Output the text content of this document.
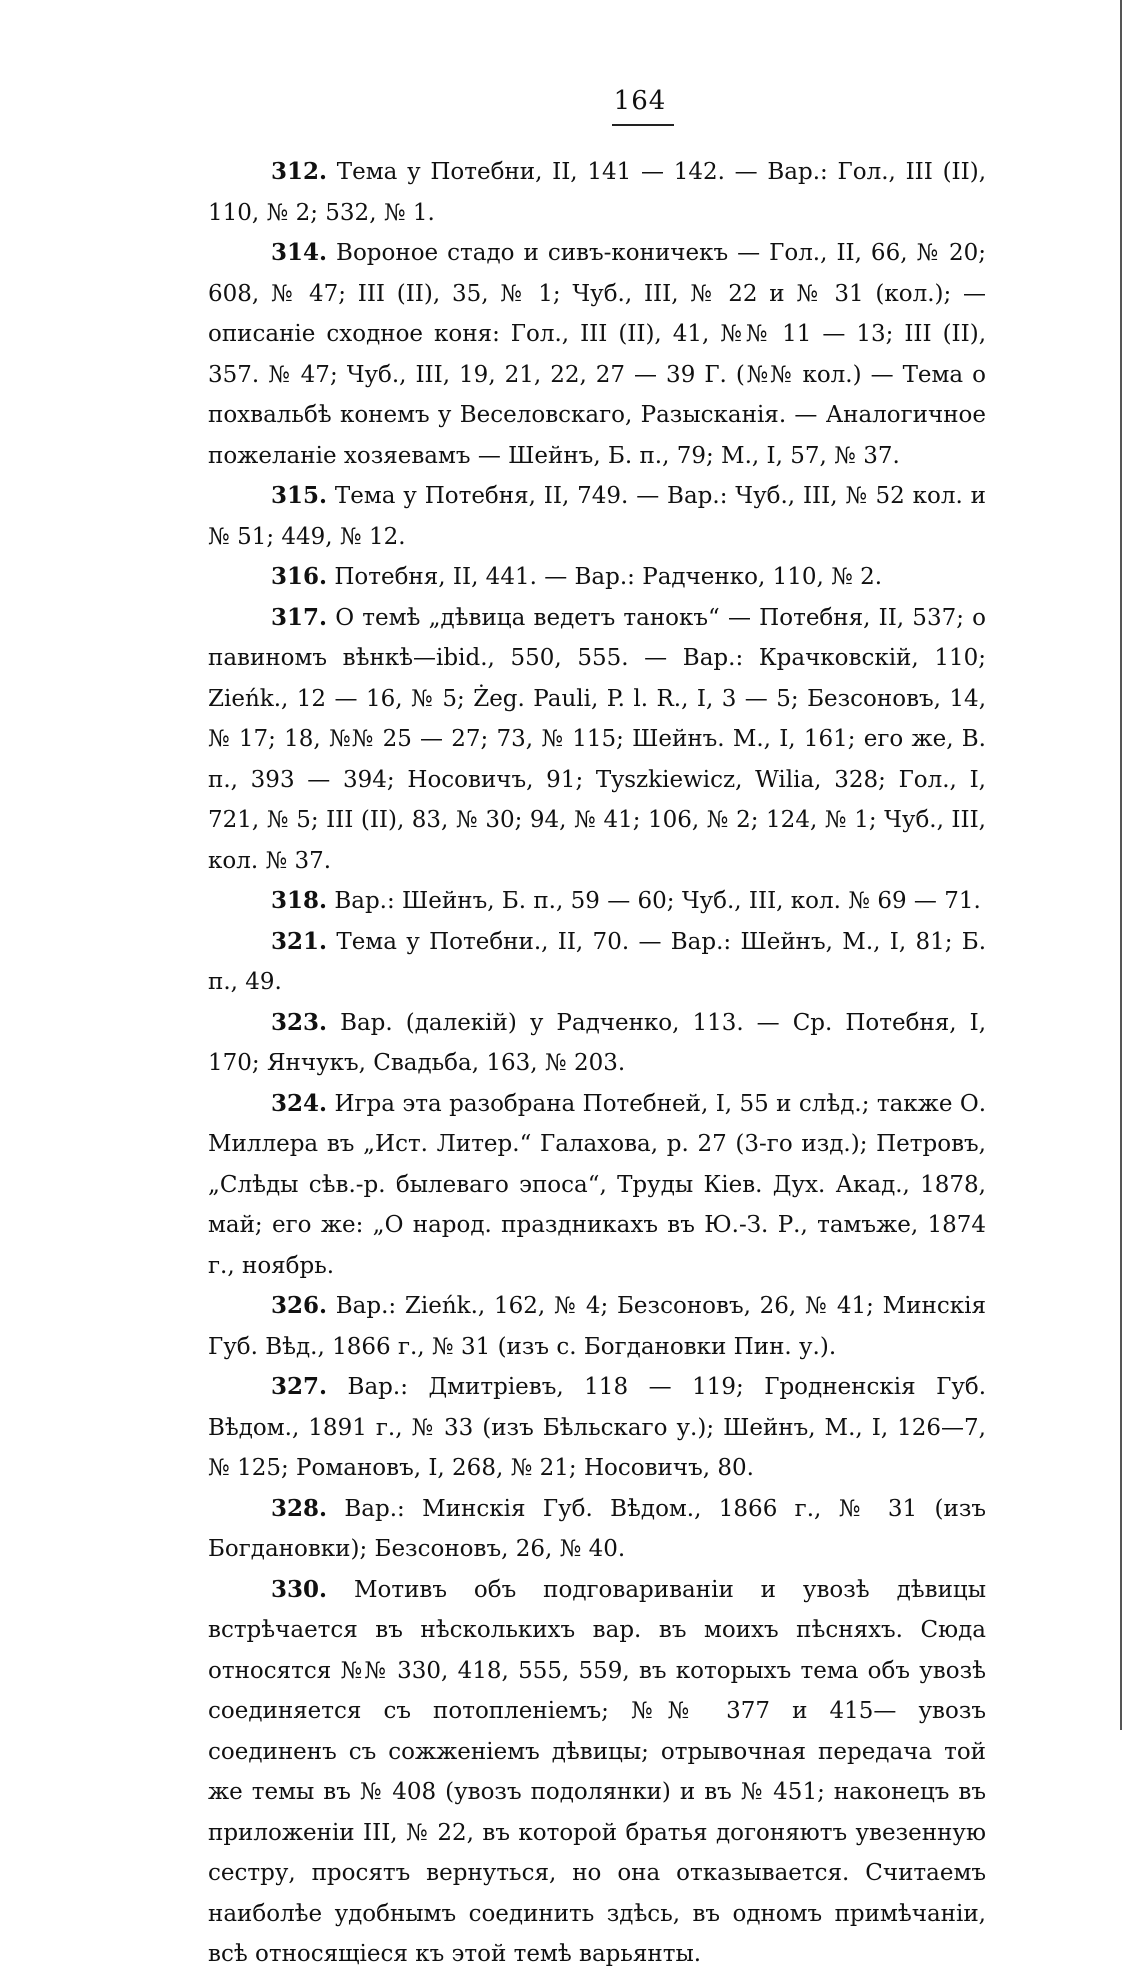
164

312. Тема у Потебни, II, 141 — 142. — Вар.: Гол., III (II), 110, № 2; 532, № 1.

314. Вороное стадо и сивъ-коничекъ — Гол., II, 66, № 20; 608, № 47; III (II), 35, № 1; Чуб., III, № 22 и № 31 (кол.); — описаніе сходное коня: Гол., III (II), 41, №№ 11 — 13; III (II), 357. № 47; Чуб., III, 19, 21, 22, 27 — 39 Г. (№№ кол.) — Тема о похвальбѣ конемъ у Веселовскаго, Разысканія. — Аналогичное пожеланіе хозяевамъ — Шейнъ, Б. п., 79; М., I, 57, № 37.

315. Тема у Потебня, II, 749. — Вар.: Чуб., III, № 52 кол. и № 51; 449, № 12.

316. Потебня, II, 441. — Вар.: Радченко, 110, № 2.

317. О темѣ „дѣвица ведетъ танокъ“ — Потебня, II, 537; о павиномъ вѣнкѣ—ibid., 550, 555. — Вар.: Крачковскій, 110; Zieńk., 12 — 16, № 5; Żeg. Pauli, P. l. R., I, 3 — 5; Безсоновъ, 14, № 17; 18, №№ 25 — 27; 73, № 115; Шейнъ. М., I, 161; его же, В. п., 393 — 394; Носовичъ, 91; Tyszkiewicz, Wilia, 328; Гол., I, 721, № 5; III (II), 83, № 30; 94, № 41; 106, № 2; 124, № 1; Чуб., III, кол. № 37.

318. Вар.: Шейнъ, Б. п., 59 — 60; Чуб., III, кол. № 69 — 71.

321. Тема у Потебни., II, 70. — Вар.: Шейнъ, М., I, 81; Б. п., 49.

323. Вар. (далекій) у Радченко, 113. — Ср. Потебня, I, 170; Янчукъ, Свадьба, 163, № 203.

324. Игра эта разобрана Потебней, I, 55 и слѣд.; также О. Миллера въ „Ист. Литер.“ Галахова, р. 27 (3-го изд.); Петровъ, „Слѣды сѣв.-р. былеваго эпоса“, Труды Кіев. Дух. Акад., 1878, май; его же: „О народ. праздникахъ въ Ю.-З. Р., тамъже, 1874 г., ноябрь.

326. Вар.: Zieńk., 162, № 4; Безсоновъ, 26, № 41; Минскія Губ. Вѣд., 1866 г., № 31 (изъ с. Богдановки Пин. у.).

327. Вар.: Дмитріевъ, 118 — 119; Гродненскія Губ. Вѣдом., 1891 г., № 33 (изъ Бѣльскаго у.); Шейнъ, М., I, 126—7, № 125; Романовъ, I, 268, № 21; Носовичъ, 80.

328. Вар.: Минскія Губ. Вѣдом., 1866 г., № 31 (изъ Богдановки); Безсоновъ, 26, № 40.

330. Мотивъ объ подговариваніи и увозѣ дѣвицы встрѣчается въ нѣсколькихъ вар. въ моихъ пѣсняхъ. Сюда относятся №№ 330, 418, 555, 559, въ которыхъ тема объ увозѣ соединяется съ потопленіемъ; №№ 377 и 415— увозъ соединенъ съ сожженіемъ дѣвицы; отрывочная передача той же темы въ № 408 (увозъ подолянки) и въ № 451; наконецъ въ приложеніи III, № 22, въ которой братья догоняютъ увезенную сестру, просятъ вернуться, но она отказывается. Считаемъ наиболѣе удобнымъ соединить здѣсь, въ одномъ примѣчаніи, всѣ относящіеся къ этой темѣ варьянты.
